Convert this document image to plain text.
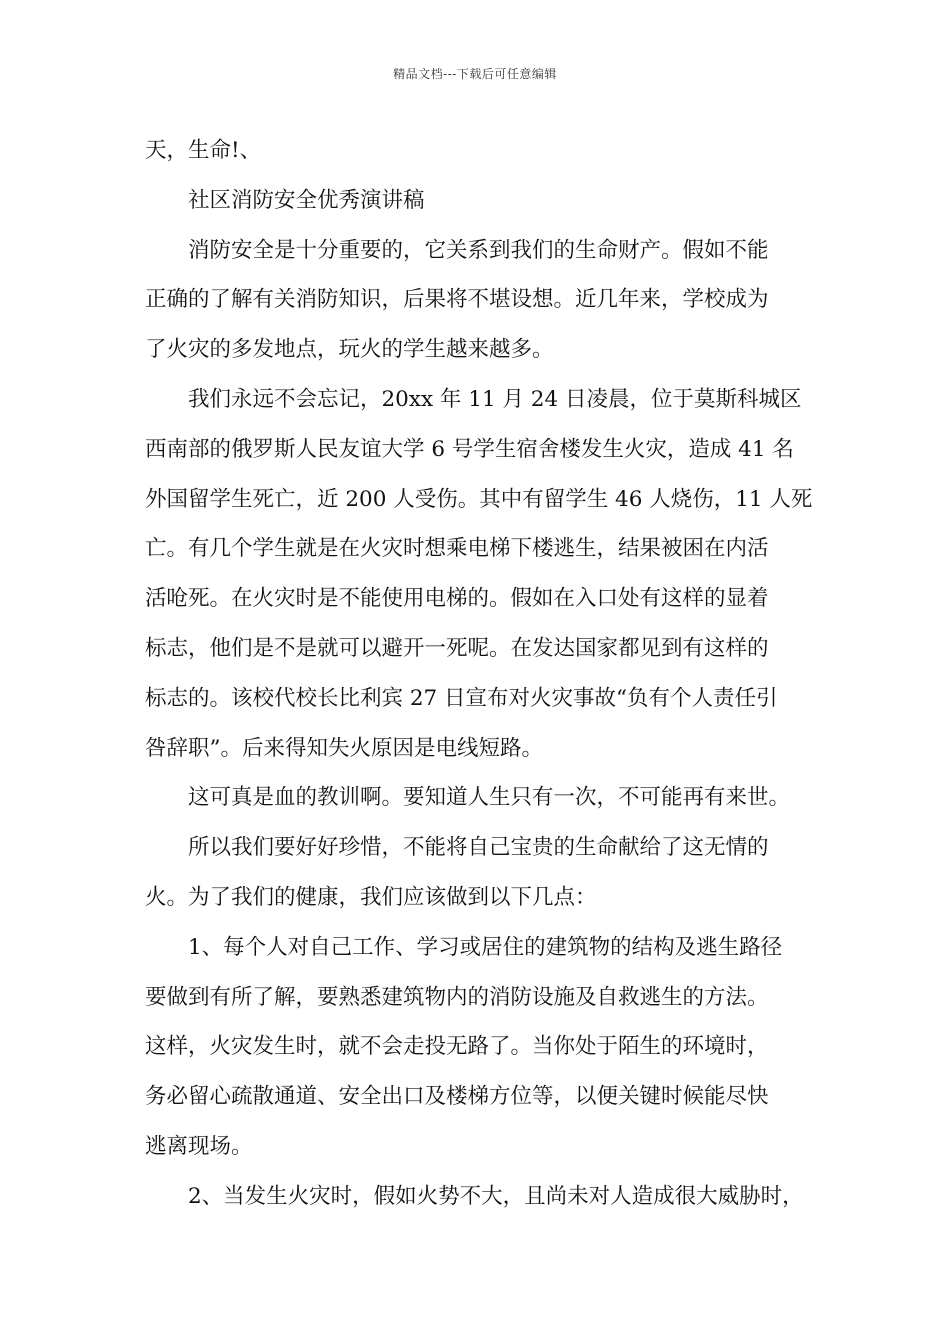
精品文档---下载后可任意编辑

天，生命!、

社区消防安全优秀演讲稿

消防安全是十分重要的，它关系到我们的生命财产。假如不能
正确的了解有关消防知识，后果将不堪设想。近几年来，学校成为
了火灾的多发地点，玩火的学生越来越多。

我们永远不会忘记，20xx 年 11 月 24 日凌晨，位于莫斯科城区
西南部的俄罗斯人民友谊大学 6 号学生宿舍楼发生火灾，造成 41 名
外国留学生死亡，近 200 人受伤。其中有留学生 46 人烧伤，11 人死
亡。有几个学生就是在火灾时想乘电梯下楼逃生，结果被困在内活
活呛死。在火灾时是不能使用电梯的。假如在入口处有这样的显着
标志，他们是不是就可以避开一死呢。在发达国家都见到有这样的
标志的。该校代校长比利宾 27 日宣布对火灾事故“负有个人责任引
咎辞职”。后来得知失火原因是电线短路。

这可真是血的教训啊。要知道人生只有一次，不可能再有来世。

所以我们要好好珍惜，不能将自己宝贵的生命献给了这无情的
火。为了我们的健康，我们应该做到以下几点：

1、每个人对自己工作、学习或居住的建筑物的结构及逃生路径
要做到有所了解，要熟悉建筑物内的消防设施及自救逃生的方法。
这样，火灾发生时，就不会走投无路了。当你处于陌生的环境时，
务必留心疏散通道、安全出口及楼梯方位等，以便关键时候能尽快
逃离现场。

2、当发生火灾时，假如火势不大，且尚未对人造成很大威胁时，
